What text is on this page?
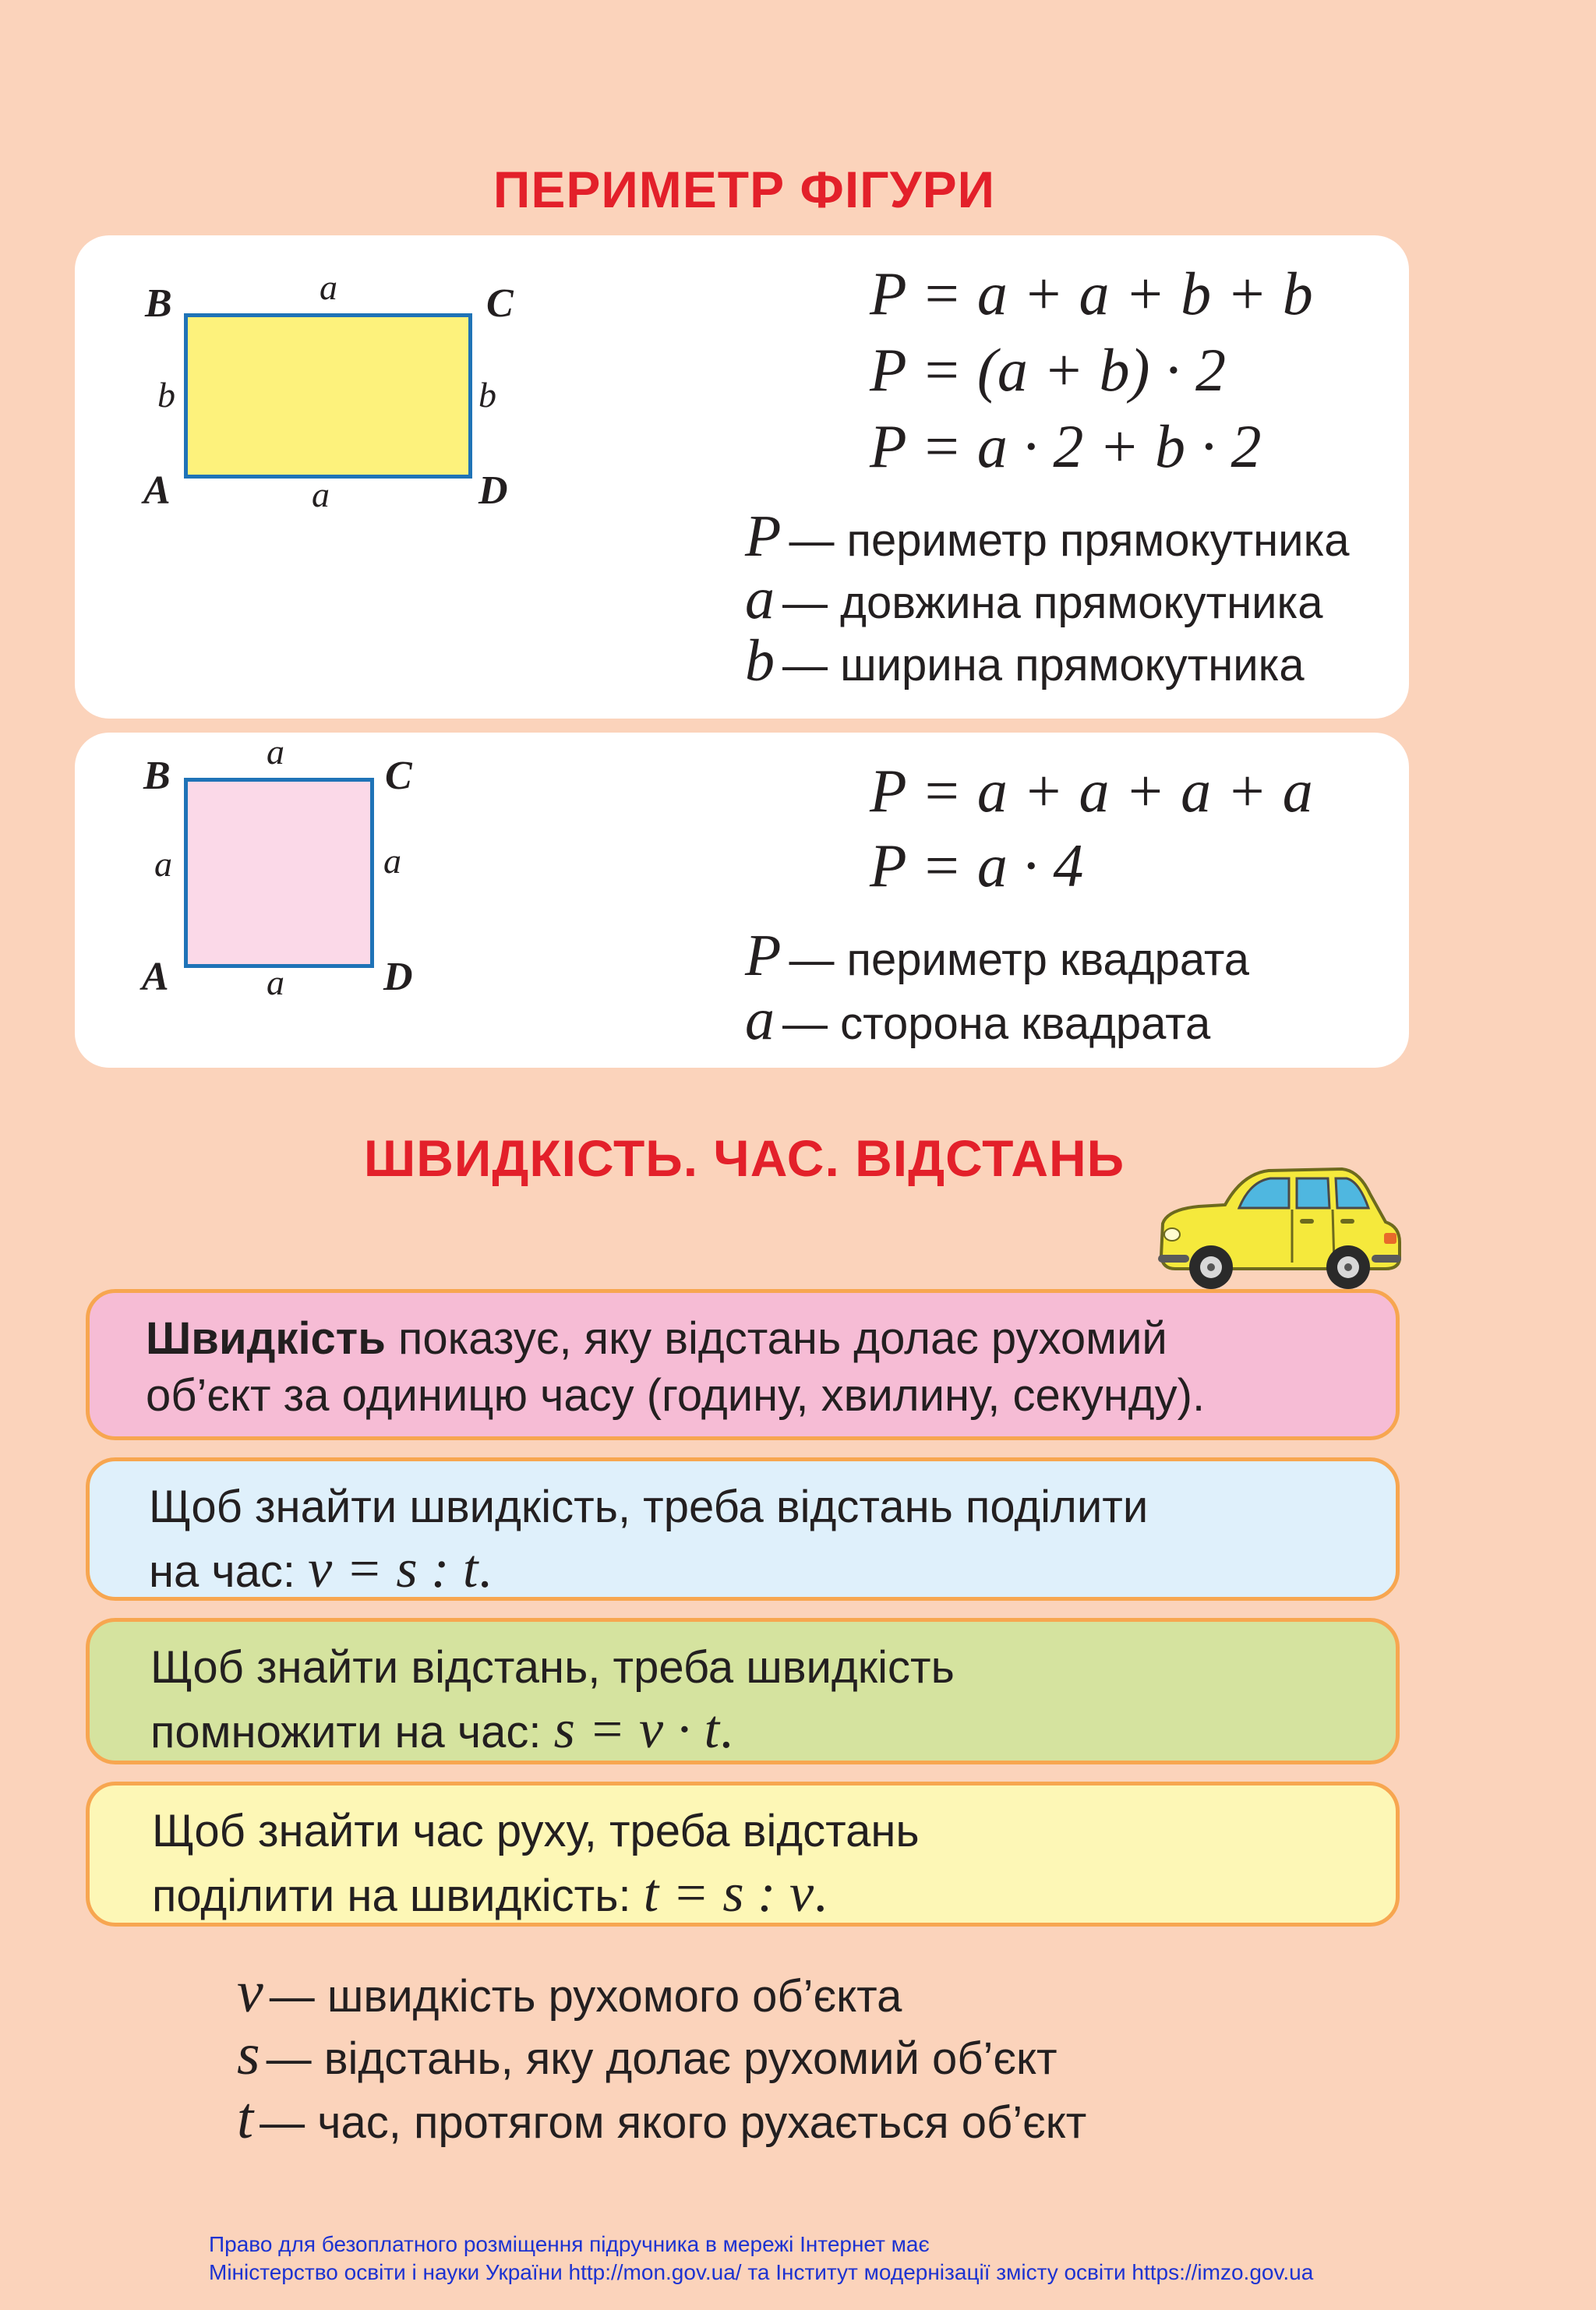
ПЕРИМЕТР ФІГУРИ
B	C
A	D
a
a
b	b
P = a + a + b + b
P = (a + b) · 2
P = a · 2 + b · 2
P — периметр прямокутника
a — довжина прямокутника
b — ширина прямокутника
B	C
A	D
a
a
a	a
P = a + a + a + a
P = a · 4
P — периметр квадрата
a — сторона квадрата
ШВИДКІСТЬ. ЧАС. ВІДСТАНЬ
Швидкість показує, яку відстань долає рухомий
об’єкт за одиницю часу (годину, хвилину, секунду).
Щоб знайти швидкість, треба відстань поділити
на час: v = s : t.
Щоб знайти відстань, треба швидкість
помножити на час: s = v · t.
Щоб знайти час руху, треба відстань
поділити на швидкість: t = s : v.
v — швидкість рухомого об’єкта
s — відстань, яку долає рухомий об’єкт
t — час, протягом якого рухається об’єкт
Право для безоплатного розміщення підручника в мережі Інтернет має
Міністерство освіти і науки України http://mon.gov.ua/ та Інститут модернізації змісту освіти https://imzo.gov.ua
